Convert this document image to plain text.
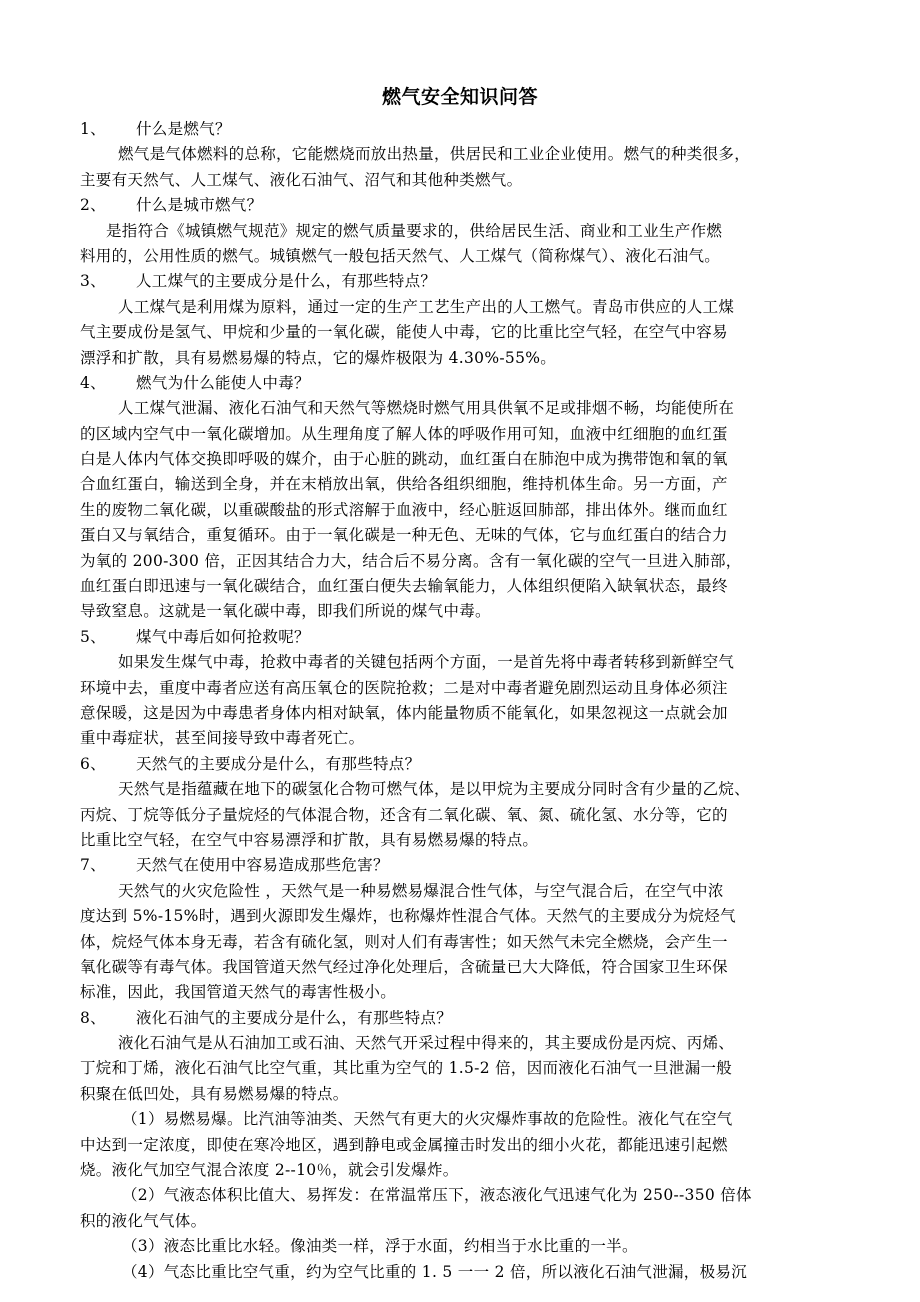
燃气安全知识问答
1、 什么是燃气？
燃气是气体燃料的总称，它能燃烧而放出热量，供居民和工业企业使用。燃气的种类很多，
主要有天然气、人工煤气、液化石油气、沼气和其他种类燃气。
2、 什么是城市燃气？
是指符合《城镇燃气规范》规定的燃气质量要求的，供给居民生活、商业和工业生产作燃
料用的，公用性质的燃气。城镇燃气一般包括天然气、人工煤气（简称煤气）、液化石油气。
3、 人工煤气的主要成分是什么，有那些特点？
人工煤气是利用煤为原料，通过一定的生产工艺生产出的人工燃气。青岛市供应的人工煤
气主要成份是氢气、甲烷和少量的一氧化碳，能使人中毒，它的比重比空气轻，在空气中容易
漂浮和扩散，具有易燃易爆的特点，它的爆炸极限为 4.30%-55%。
4、 燃气为什么能使人中毒？
人工煤气泄漏、液化石油气和天然气等燃烧时燃气用具供氧不足或排烟不畅，均能使所在
的区域内空气中一氧化碳增加。从生理角度了解人体的呼吸作用可知，血液中红细胞的血红蛋
白是人体内气体交换即呼吸的媒介，由于心脏的跳动，血红蛋白在肺泡中成为携带饱和氧的氧
合血红蛋白，输送到全身，并在末梢放出氧，供给各组织细胞，维持机体生命。另一方面，产
生的废物二氧化碳，以重碳酸盐的形式溶解于血液中，经心脏返回肺部，排出体外。继而血红
蛋白又与氧结合，重复循环。由于一氧化碳是一种无色、无味的气体，它与血红蛋白的结合力
为氧的 200-300 倍，正因其结合力大，结合后不易分离。含有一氧化碳的空气一旦进入肺部，
血红蛋白即迅速与一氧化碳结合，血红蛋白便失去输氧能力，人体组织便陷入缺氧状态，最终
导致窒息。这就是一氧化碳中毒，即我们所说的煤气中毒。
5、 煤气中毒后如何抢救呢？
如果发生煤气中毒，抢救中毒者的关键包括两个方面，一是首先将中毒者转移到新鲜空气
环境中去，重度中毒者应送有高压氧仓的医院抢救；二是对中毒者避免剧烈运动且身体必须注
意保暖，这是因为中毒患者身体内相对缺氧，体内能量物质不能氧化，如果忽视这一点就会加
重中毒症状，甚至间接导致中毒者死亡。
6、 天然气的主要成分是什么，有那些特点？
天然气是指蕴藏在地下的碳氢化合物可燃气体，是以甲烷为主要成分同时含有少量的乙烷、
丙烷、丁烷等低分子量烷烃的气体混合物，还含有二氧化碳、氧、氮、硫化氢、水分等，它的
比重比空气轻，在空气中容易漂浮和扩散，具有易燃易爆的特点。
7、 天然气在使用中容易造成那些危害？
天然气的火灾危险性 ，天然气是一种易燃易爆混合性气体，与空气混合后，在空气中浓
度达到 5%-15%时，遇到火源即发生爆炸，也称爆炸性混合气体。天然气的主要成分为烷烃气
体，烷烃气体本身无毒，若含有硫化氢，则对人们有毒害性；如天然气未完全燃烧，会产生一
氧化碳等有毒气体。我国管道天然气经过净化处理后，含硫量已大大降低，符合国家卫生环保
标准，因此，我国管道天然气的毒害性极小。
8、 液化石油气的主要成分是什么，有那些特点？
液化石油气是从石油加工或石油、天然气开采过程中得来的，其主要成份是丙烷、丙烯、
丁烷和丁烯，液化石油气比空气重，其比重为空气的 1.5-2 倍，因而液化石油气一旦泄漏一般
积聚在低凹处，具有易燃易爆的特点。
（1）易燃易爆。比汽油等油类、天然气有更大的火灾爆炸事故的危险性。液化气在空气
中达到一定浓度，即使在寒冷地区，遇到静电或金属撞击时发出的细小火花，都能迅速引起燃
烧。液化气加空气混合浓度 2--10％，就会引发爆炸。
（2）气液态体积比值大、易挥发：在常温常压下，液态液化气迅速气化为 250--350 倍体
积的液化气气体。
（3）液态比重比水轻。像油类一样，浮于水面，约相当于水比重的一半。
（4）气态比重比空气重，约为空气比重的 1. 5 一一 2 倍，所以液化石油气泄漏，极易沉
